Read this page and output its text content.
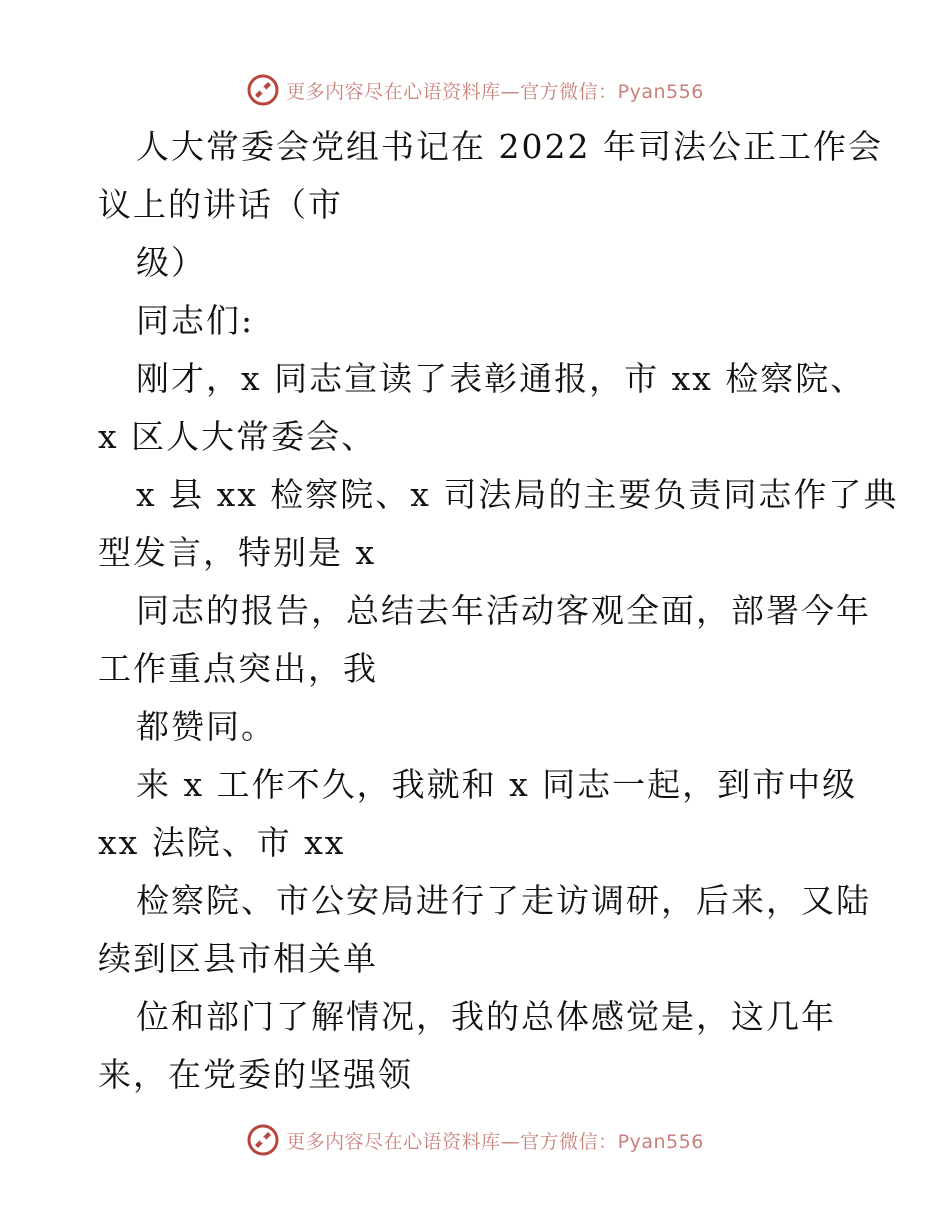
更多内容尽在心语资料库—官方微信：Pyan556
人大常委会党组书记在 2022 年司法公正工作会
议上的讲话（市
级）
同志们:
刚才，x 同志宣读了表彰通报，市 xx 检察院、
x 区人大常委会、
x 县 xx 检察院、x 司法局的主要负责同志作了典
型发言，特别是 x
同志的报告，总结去年活动客观全面，部署今年
工作重点突出，我
都赞同。
来 x 工作不久，我就和 x 同志一起，到市中级
xx 法院、市 xx
检察院、市公安局进行了走访调研，后来，又陆
续到区县市相关单
位和部门了解情况，我的总体感觉是，这几年
来，在党委的坚强领
更多内容尽在心语资料库—官方微信：Pyan556
